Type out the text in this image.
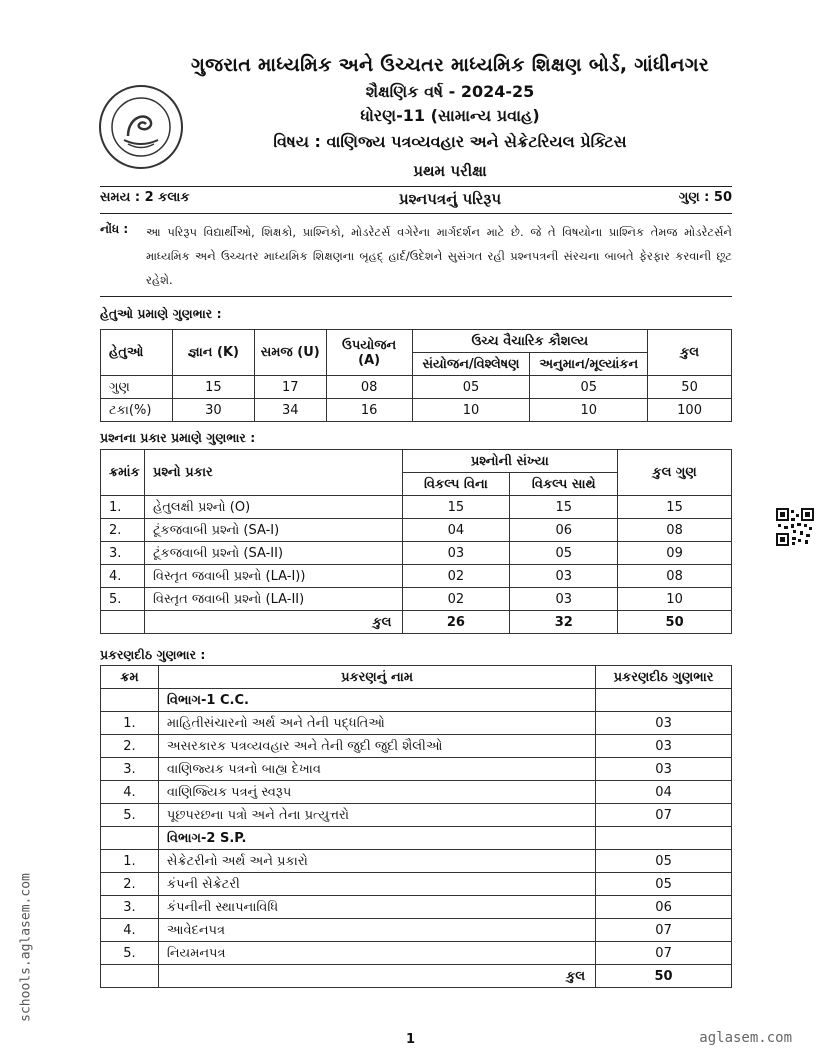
ગુજરાત માધ્યમિક અને ઉચ્ચતર માધ્યમિક શિક્ષણ બોર્ડ, ગાંધીનગર
શૈક્ષણિક વર્ષ - 2024-25
ધોરણ-11 (સામાન્ય પ્રવાહ)
વિષય : વાણિજ્ય પત્રવ્યવહાર અને સેક્રેટરિયલ પ્રેક્ટિસ
પ્રથમ પરીક્ષા
સમય : 2 કલાક	પ્રશ્નપત્રનું પરિરૂપ	ગુણ : 50
નોંધ : આ પરિરૂપ વિદ્યાર્થીઓ, શિક્ષકો, પ્રાશ્નિકો, મોડરેટર્સ વગેરેના માર્ગદર્શન માટે છે. જે તે વિષયોના પ્રાશ્નિક તેમજ મોડરેટર્સને માધ્યમિક અને ઉચ્ચતર માધ્યમિક શિક્ષણના બૃહદ્ હાર્દ/ઉદેશને સુસંગત રહી પ્રશ્નપત્રની સંરચના બાબતે ફેરફાર કરવાની છૂટ રહેશે.
હેતુઓ પ્રમાણે ગુણભાર :
હેતુઓ	જ્ઞાન (K)	સમજ (U)	ઉપયોજન (A)	ઉચ્ચ વૈચારિક કૌશલ્ય		કુલ
				સંયોજન/વિશ્લેષણ	અનુમાન/મૂલ્યાંકન	
ગુણ	15	17	08	05	05	50
ટકા(%)	30	34	16	10	10	100
પ્રશ્નના પ્રકાર પ્રમાણે ગુણભાર :
ક્રમાંક	પ્રશ્નો પ્રકાર	પ્રશ્નોની સંખ્યા		કુલ ગુણ
		વિકલ્પ વિના	વિકલ્પ સાથે	
1.	હેતુલક્ષી પ્રશ્નો (O)	15	15	15
2.	ટૂંકજવાબી પ્રશ્નો (SA-I)	04	06	08
3.	ટૂંકજવાબી પ્રશ્નો (SA-II)	03	05	09
4.	વિસ્તૃત જવાબી પ્રશ્નો (LA-I))	02	03	08
5.	વિસ્તૃત જવાબી પ્રશ્નો (LA-II)	02	03	10
	કુલ	26	32	50
પ્રકરણદીઠ ગુણભાર :
ક્રમ	પ્રકરણનું નામ	પ્રકરણદીઠ ગુણભાર
	વિભાગ-1 C.C.	
1.	માહિતીસંચારનો અર્થ અને તેની પદ્ધતિઓ	03
2.	અસરકારક પત્રવ્યવહાર અને તેની જુદી જુદી શૈલીઓ	03
3.	વાણિજ્યક પત્રનો બાહ્ય દેખાવ	03
4.	વાણિજ્યિક પત્રનું સ્વરૂપ	04
5.	પૂછપરછના પત્રો અને તેના પ્રત્યુત્તરો	07
	વિભાગ-2 S.P.	
1.	સેક્રેટરીનો અર્થ અને પ્રકારો	05
2.	કંપની સેક્રેટરી	05
3.	કંપનીની સ્થાપનાવિધિ	06
4.	આવેદનપત્ર	07
5.	નિયમનપત્ર	07
	કુલ	50
schools.aglasem.com
1	aglasem.com
